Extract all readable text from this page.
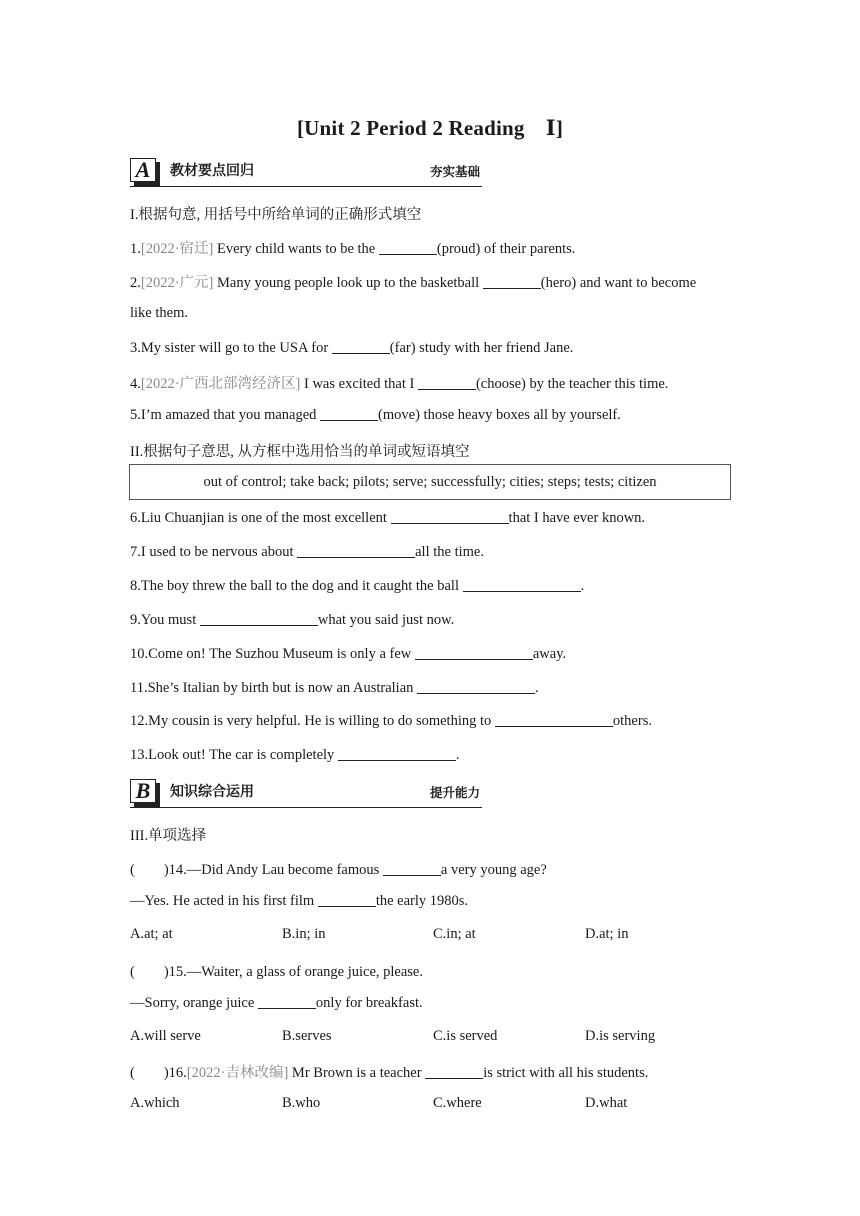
[Unit 2 Period 2 Reading　Ⅰ]
A	教材要点回归	夯实基础
I.根据句意, 用括号中所给单词的正确形式填空
1.[2022·宿迁] Every child wants to be the	(proud) of their parents.
2.[2022·广元] Many young people look up to the basketball	(hero) and want to become
like them.
3.My sister will go to the USA for	(far) study with her friend Jane.
4.[2022·广西北部湾经济区] I was excited that I	(choose) by the teacher this time.
5.I’m amazed that you managed	(move) those heavy boxes all by yourself.
II.根据句子意思, 从方框中选用恰当的单词或短语填空
out of control; take back; pilots; serve; successfully; cities; steps; tests; citizen
6.Liu Chuanjian is one of the most excellent	that I have ever known.
7.I used to be nervous about	all the time.
8.The boy threw the ball to the dog and it caught the ball	.
9.You must	what you said just now.
10.Come on! The Suzhou Museum is only a few	away.
11.She’s Italian by birth but is now an Australian	.
12.My cousin is very helpful. He is willing to do something to	others.
13.Look out! The car is completely	.
B	知识综合运用	提升能力
III.单项选择
(　　)14.—Did Andy Lau become famous	a very young age?
—Yes. He acted in his first film	the early 1980s.
A.at; at	B.in; in	C.in; at	D.at; in
(　　)15.—Waiter, a glass of orange juice, please.
—Sorry, orange juice	only for breakfast.
A.will serve	B.serves	C.is served	D.is serving
(　　)16.[2022·吉林改编] Mr Brown is a teacher	is strict with all his students.
A.which	B.who	C.where	D.what
